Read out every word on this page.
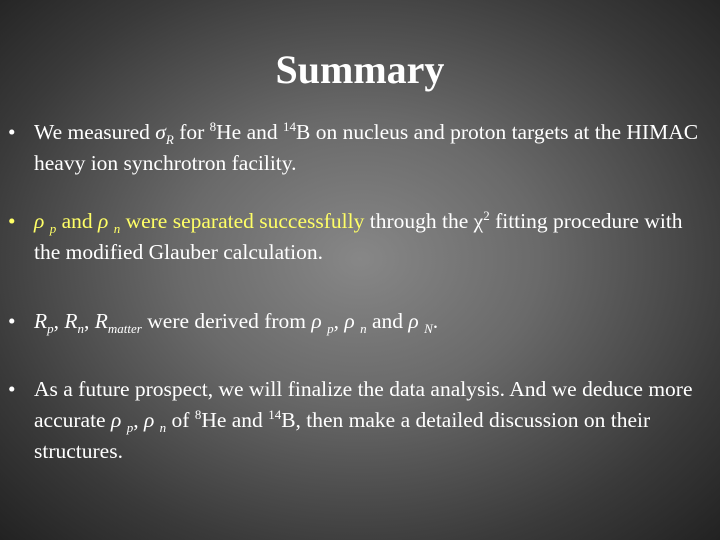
Summary
• We measured $\sigma_R$ for $^8$He and $^{14}$B on nucleus and proton targets at the HIMAC heavy ion synchrotron facility.
• ρ $_p$ and ρ $_n$ were separated successfully through the $\chi^2$ fitting procedure with the modified Glauber calculation.
• $R_p$, $R_n$, $R_{matter}$ were derived from ρ $_p$, ρ $_n$ and ρ $_N$.
• As a future prospect, we will finalize the data analysis. And we deduce more accurate ρ $_p$, ρ $_n$ of $^8$He and $^{14}$B, then make a detailed discussion on their structures.
